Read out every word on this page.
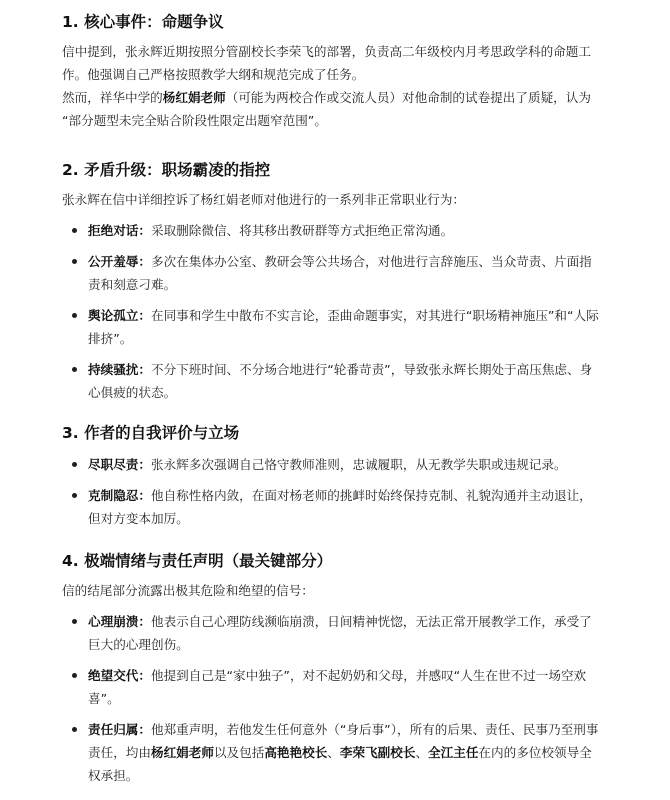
1. 核心事件：命题争议

信中提到，张永辉近期按照分管副校长李荣飞的部署，负责高二年级校内月考思政学科的命题工
作。他强调自己严格按照教学大纲和规范完成了任务。
然而，祥华中学的杨红娟老师（可能为两校合作或交流人员）对他命制的试卷提出了质疑，认为
“部分题型未完全贴合阶段性限定出题窄范围”。

2. 矛盾升级：职场霸凌的指控

张永辉在信中详细控诉了杨红娟老师对他进行的一系列非正常职业行为：

拒绝对话：采取删除微信、将其移出教研群等方式拒绝正常沟通。
公开羞辱：多次在集体办公室、教研会等公共场合，对他进行言辞施压、当众苛责、片面指
责和刻意刁难。
舆论孤立：在同事和学生中散布不实言论，歪曲命题事实，对其进行“职场精神施压”和“人际
排挤”。
持续骚扰：不分下班时间、不分场合地进行“轮番苛责”，导致张永辉长期处于高压焦虑、身
心俱疲的状态。
3. 作者的自我评价与立场
尽职尽责：张永辉多次强调自己恪守教师准则，忠诚履职，从无教学失职或违规记录。
克制隐忍：他自称性格内敛，在面对杨老师的挑衅时始终保持克制、礼貌沟通并主动退让，
但对方变本加厉。
4. 极端情绪与责任声明（最关键部分）

信的结尾部分流露出极其危险和绝望的信号：

心理崩溃：他表示自己心理防线濒临崩溃，日间精神恍惚，无法正常开展教学工作，承受了
巨大的心理创伤。
绝望交代：他提到自己是“家中独子”，对不起奶奶和父母，并感叹“人生在世不过一场空欢
喜”。
责任归属：他郑重声明，若他发生任何意外（“身后事”），所有的后果、责任、民事乃至刑事
责任，均由杨红娟老师以及包括高艳艳校长、李荣飞副校长、全江主任在内的多位校领导全
权承担。
